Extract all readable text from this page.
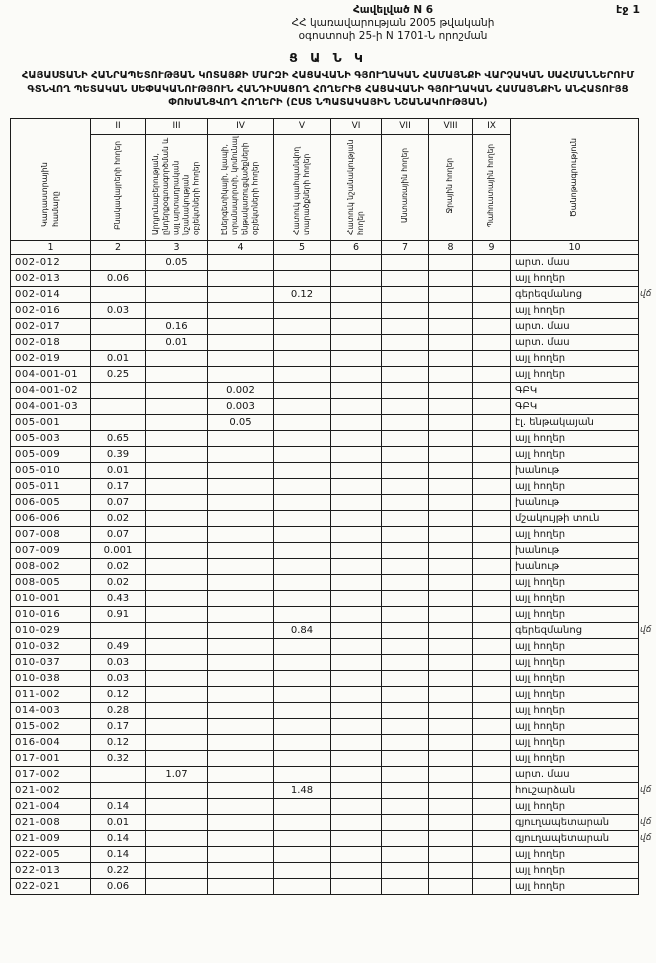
էջ 1
Հավելված N 6
ՀՀ կառավարության 2005 թվականի
օգոստոսի 25-ի N 1701-Ն որոշման
Ց Ա Ն Կ
ՀԱՅԱՍՏԱՆԻ ՀԱՆՐԱՊԵՏՈՒԹՅԱՆ ԿՈՏԱՅՔԻ ՄԱՐԶԻ ՀԱՑԱՎԱՆԻ ԳՅՈՒՂԱԿԱՆ ՀԱՄԱՅՆՔԻ ՎԱՐՉԱԿԱՆ ՍԱՀՄԱՆՆԵՐՈՒՄ ԳՏՆՎՈՂ ՊԵՏԱԿԱՆ ՍԵՓԱԿԱՆՈՒԹՅՈՒՆ ՀԱՆԴԻՍԱՑՈՂ ՀՈՂԵՐԻՑ ՀԱՑԱՎԱՆԻ ԳՅՈՒՂԱԿԱՆ ՀԱՄԱՅՆՔԻՆ ԱՆՀԱՏՈՒՅՑ ՓՈԽԱՆՑՎՈՂ ՀՈՂԵՐԻ (ԸՍՏ ՆՊԱՏԱԿԱՅԻՆ ՆՇԱՆԱԿՈՒԹՅԱՆ)
Կադաստրային համարը	II	III	IV	V	VI	VII	VIII	IX	Ծանոթագրություն	
	Բնակավայրերի հողեր	Արդյունաբերության, ընդերքօգտագործման և այլ արտադրական նշանակության օբյեկտների հողեր	Էներգետիկայի, կապի, տրանսպորտի, կոմունալ ենթակառուցվածքների օբյեկտների հողեր	Հատուկ պահպանվող տարածքների հողեր	Հատուկ նշանակության հողեր	Անտառային հողեր	Ջրային հողեր	Պահուստային հողեր		
1	2	3	4	5	6	7	8	9	10	
002-012		0.05							արտ. մաս	
002-013	0.06								այլ հողեր	
002-014				0.12					գերեզմանոց	վճ
002-016	0.03								այլ հողեր	
002-017		0.16							արտ. մաս	
002-018		0.01							արտ. մաս	
002-019	0.01								այլ հողեր	
004-001-01	0.25								այլ հողեր	
004-001-02			0.002						ԳԲԿ	
004-001-03			0.003						ԳԲԿ	
005-001			0.05						էլ. ենթակայան	
005-003	0.65								այլ հողեր	
005-009	0.39								այլ հողեր	
005-010	0.01								խանութ	
005-011	0.17								այլ հողեր	
006-005	0.07								խանութ	
006-006	0.02								մշակույթի տուն	
007-008	0.07								այլ հողեր	
007-009	0.001								խանութ	
008-002	0.02								խանութ	
008-005	0.02								այլ հողեր	
010-001	0.43								այլ հողեր	
010-016	0.91								այլ հողեր	
010-029				0.84					գերեզմանոց	վճ
010-032	0.49								այլ հողեր	
010-037	0.03								այլ հողեր	
010-038	0.03								այլ հողեր	
011-002	0.12								այլ հողեր	
014-003	0.28								այլ հողեր	
015-002	0.17								այլ հողեր	
016-004	0.12								այլ հողեր	
017-001	0.32								այլ հողեր	
017-002		1.07							արտ. մաս	
021-002				1.48					հուշարձան	վճ
021-004	0.14								այլ հողեր	
021-008	0.01								գյուղապետարան	վճ
021-009	0.14								գյուղապետարան	վճ
022-005	0.14								այլ հողեր	
022-013	0.22								այլ հողեր	
022-021	0.06								այլ հողեր	
